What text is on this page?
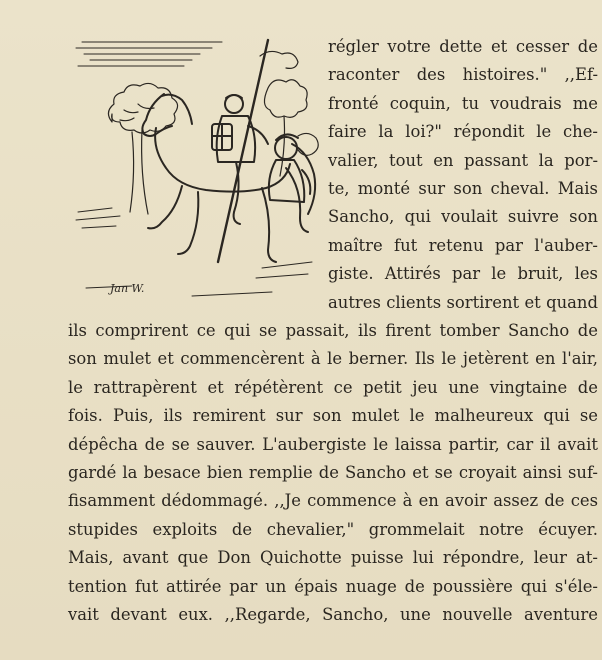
Jan W.
régler votre dette et cesser de
raconter des histoires." ,,Ef-
fronté coquin, tu voudrais me
faire la loi?" répondit le che-
valier, tout en passant la por-
te, monté sur son cheval. Mais
Sancho, qui voulait suivre son
maître fut retenu par l'auber-
giste. Attirés par le bruit, les
autres clients sortirent et quand
ils comprirent ce qui se passait, ils firent tomber Sancho de
son mulet et commencèrent à le berner. Ils le jetèrent en l'air,
le rattrapèrent et répétèrent ce petit jeu une vingtaine de
fois. Puis, ils remirent sur son mulet le malheureux qui se
dépêcha de se sauver. L'aubergiste le laissa partir, car il avait
gardé la besace bien remplie de Sancho et se croyait ainsi suf-
fisamment dédommagé. ,,Je commence à en avoir assez de ces
stupides exploits de chevalier," grommelait notre écuyer.
Mais, avant que Don Quichotte puisse lui répondre, leur at-
tention fut attirée par un épais nuage de poussière qui s'éle-
vait devant eux. ,,Regarde, Sancho, une nouvelle aventure
